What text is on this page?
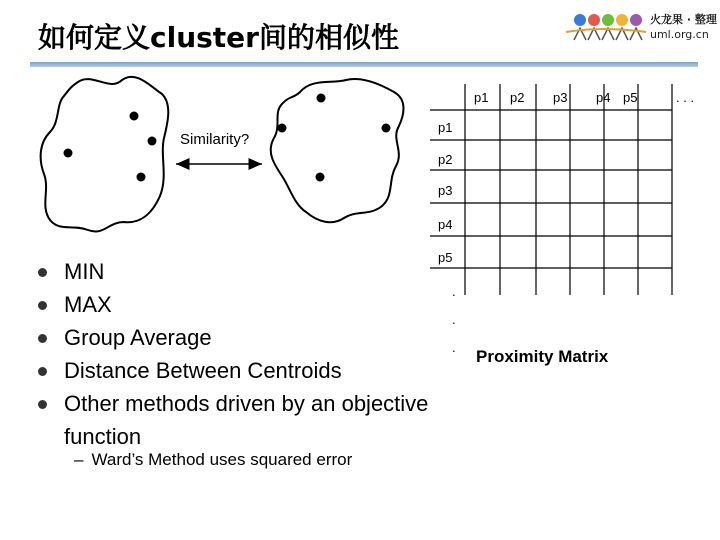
如何定义cluster间的相似性
火龙果 · 整理
uml.org.cn
Similarity?
p1 p2 p3 p4 p5	. . .
p1
p2
p3
p4
p5
.
.
. Proximity Matrix
MIN
MAX
Group Average
Distance Between Centroids
Other methods driven by an objective function
– Ward’s Method uses squared error
